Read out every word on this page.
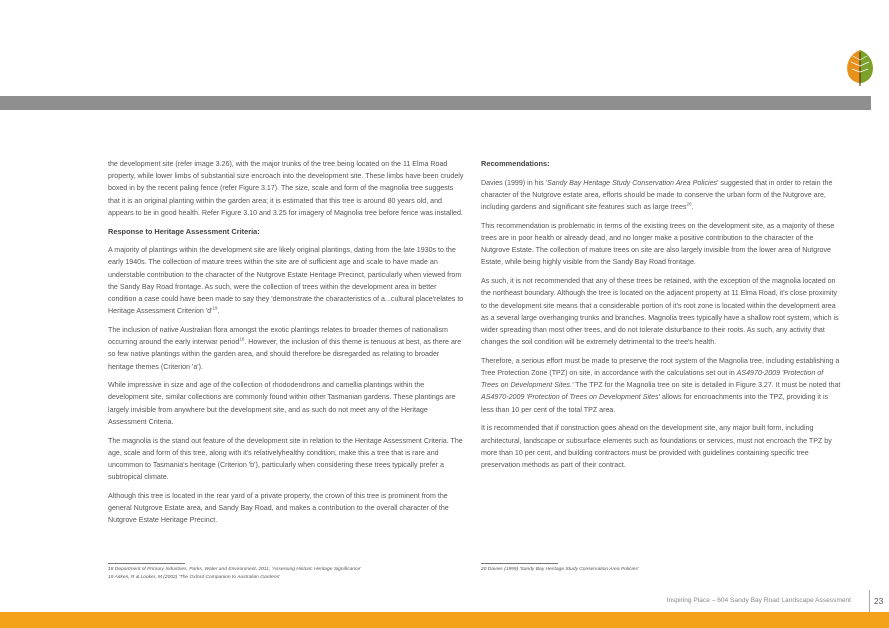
the development site (refer image 3.26), with the major trunks of the tree being located on the 11 Elma Road property, while lower limbs of substantial size encroach into the development site. These limbs have been crudely boxed in by the recent paling fence (refer Figure 3.17). The size, scale and form of the magnolia tree suggests that it is an original planting within the garden area; it is estimated that this tree is around 80 years old, and appears to be in good health. Refer Figure 3.10 and 3.25 for imagery of Magnolia tree before fence was installed.

Response to Heritage Assessment Criteria:

A majority of plantings within the development site are likely original plantings, dating from the late 1930s to the early 1940s. The collection of mature trees within the site are of sufficient age and scale to have made an understable contribution to the character of the Nutgrove Estate Heritage Precinct, particularly when viewed from the Sandy Bay Road frontage. As such, were the collection of trees within the development area in better condition a case could have been made to say they 'demonstrate the characteristics of a...cultural place'relates to Heritage Assessment Criterion '$d'^{19}$.

The inclusion of native Australian flora amongst the exotic plantings relates to broader themes of nationalism occurring around the early interwar period$^{18}$. However, the inclusion of this theme is tenuous at best, as there are so few native plantings within the garden area, and should therefore be disregarded as relating to broader heritage themes (Criterion 'a').

While impressive in size and age of the collection of rhododendrons and camellia plantings within the development site, similar collections are commonly found within other Tasmanian gardens. These plantings are largely invisible from anywhere but the development site, and as such do not meet any of the Heritage Assessment Criteria.

The magnolia is the stand out feature of the development site in relation to the Heritage Assessment Criteria. The age, scale and form of this tree, along with it's relativelyhealthy condition, make this a tree that is rare and uncommon to Tasmania's heritage (Criterion 'b'), particularly when considering these trees typically prefer a subtropical climate.

Although this tree is located in the rear yard of a private property, the crown of this tree is prominent from the general Nutgrove Estate area, and Sandy Bay Road, and makes a contribution to the overall character of the Nutgrove Estate Heritage Precinct.

Recommendations:

Davies (1999) in his 'Sandy Bay Heritage Study Conservation Area Policies' suggested that in order to retain the character of the Nutgrove estate area, efforts should be made to conserve the urban form of the Nutgrove are, including gardens and significant site features such as large trees$^{20}$.

This recommendation is problematic in terms of the existing trees on the development site, as a majority of these trees are in poor health or already dead, and no longer make a positive contribution to the character of the Nutgrove Estate. The collection of mature trees on site are also largely invisible from the lower area of Nutgrove Estate, while being highly visible from the Sandy Bay Road frontage.

As such, it is not recommended that any of these trees be retained, with the exception of the magnolia located on the northeast boundary. Although the tree is located on the adjacent property at 11 Elma Road, it's close proximity to the development site means that a considerable portion of it's root zone is located within the development area as a several large overhanging trunks and branches. Magnolia trees typically have a shallow root system, which is wider spreading than most other trees, and do not tolerate disturbance to their roots. As such, any activity that changes the soil condition will be extremely detrimental to the tree's health.

Therefore, a serious effort must be made to preserve the root system of the Magnolia tree, including establishing a Tree Protection Zone (TPZ) on site, in accordance with the calculations set out in AS4970-2009 'Protection of Trees on Development Sites.' The TPZ for the Magnolia tree on site is detailed in Figure 3.27. It must be noted that AS4970-2009 'Protection of Trees on Development Sites' allows for encroachments into the TPZ, providing it is less than 10 per cent of the total TPZ area.

It is recommended that if construction goes ahead on the development site, any major built form, including architectural, landscape or subsurface elements such as foundations or services, must not encroach the TPZ by more than 10 per cent, and building contractors must be provided with guidelines containing specific tree preservation methods as part of their contract.

18 Department of Primary Industries, Parks, Water and Environment, 2011, 'Assessing Historic Heritage Significance'
19 Aitken, R & Looker, M (2002) 'The Oxford Companion to Australian Gardens'
20 Davies (1999) 'Sandy Bay Heritage Study Conservation Area Policies'
Inspiring Place – 604 Sandy Bay Road Landscape Assessment	23
